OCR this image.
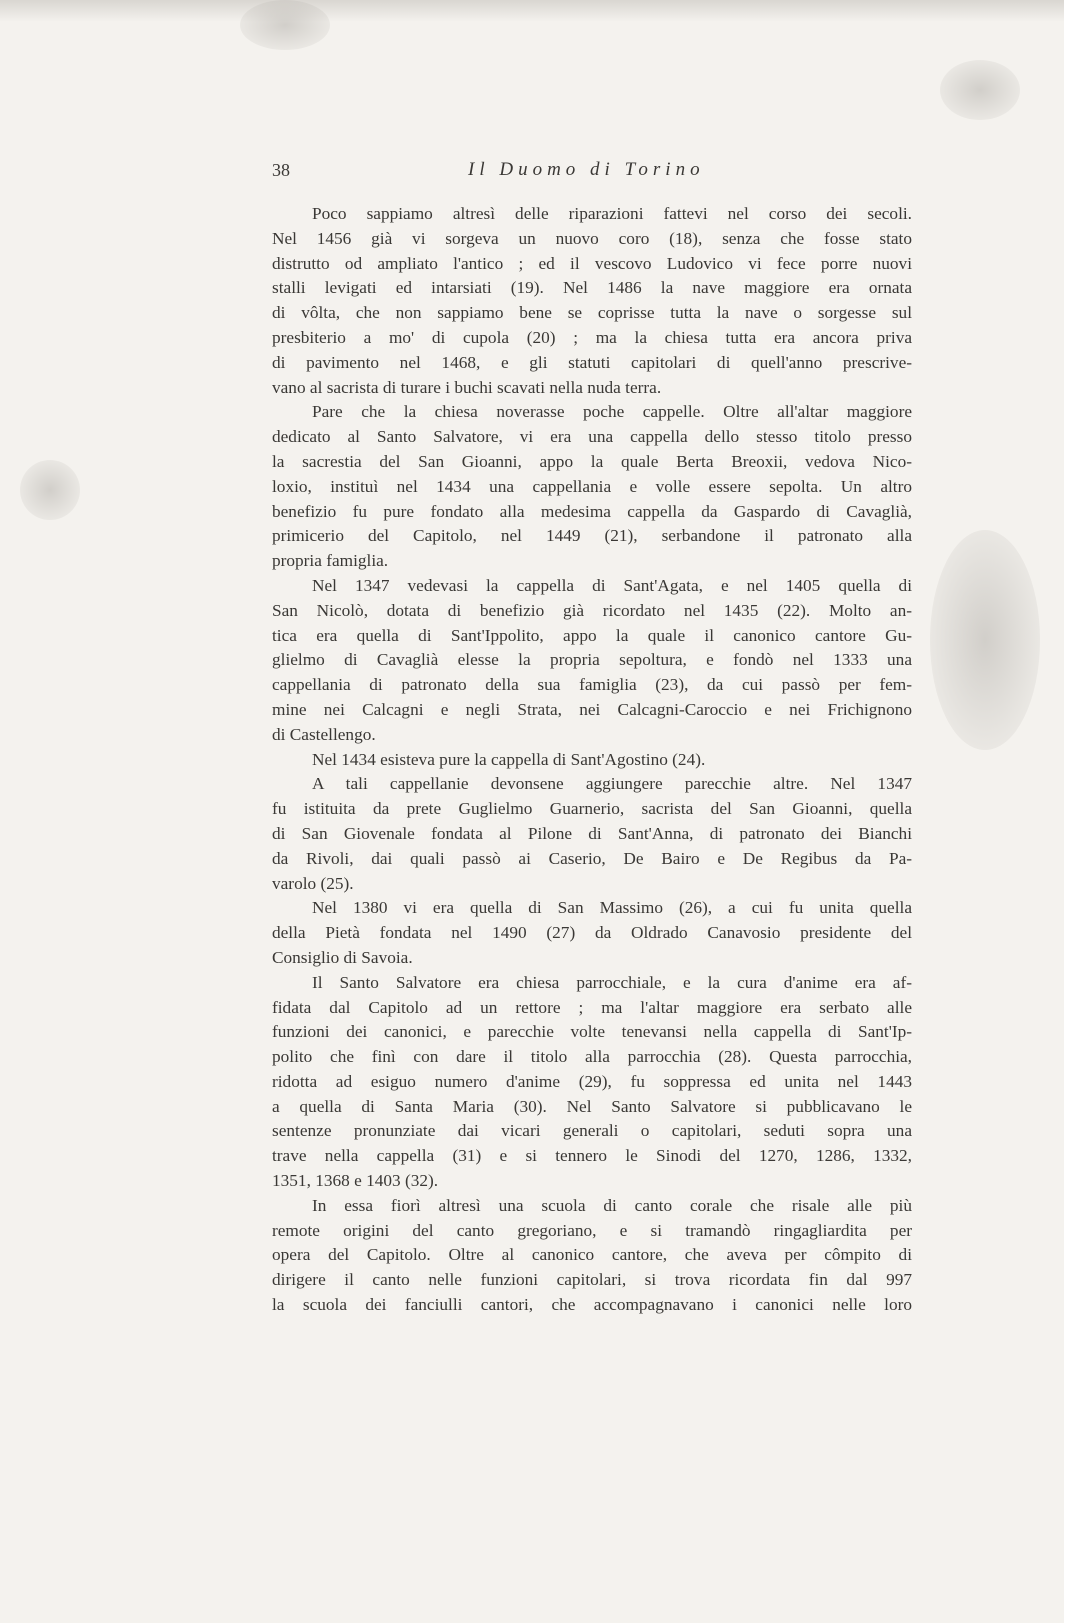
38	Il Duomo di Torino

Poco sappiamo altresì delle riparazioni fattevi nel corso dei secoli.
Nel 1456 già vi sorgeva un nuovo coro (18), senza che fosse stato
distrutto od ampliato l'antico ; ed il vescovo Ludovico vi fece porre nuovi
stalli levigati ed intarsiati (19). Nel 1486 la nave maggiore era ornata
di vôlta, che non sappiamo bene se coprisse tutta la nave o sorgesse sul
presbiterio a mo' di cupola (20) ; ma la chiesa tutta era ancora priva
di pavimento nel 1468, e gli statuti capitolari di quell'anno prescrive-
vano al sacrista di turare i buchi scavati nella nuda terra.

Pare che la chiesa noverasse poche cappelle. Oltre all'altar maggiore
dedicato al Santo Salvatore, vi era una cappella dello stesso titolo presso
la sacrestia del San Gioanni, appo la quale Berta Breoxii, vedova Nico-
loxio, instituì nel 1434 una cappellania e volle essere sepolta. Un altro
benefizio fu pure fondato alla medesima cappella da Gaspardo di Cavaglià,
primicerio del Capitolo, nel 1449 (21), serbandone il patronato alla
propria famiglia.

Nel 1347 vedevasi la cappella di Sant'Agata, e nel 1405 quella di
San Nicolò, dotata di benefizio già ricordato nel 1435 (22). Molto an-
tica era quella di Sant'Ippolito, appo la quale il canonico cantore Gu-
glielmo di Cavaglià elesse la propria sepoltura, e fondò nel 1333 una
cappellania di patronato della sua famiglia (23), da cui passò per fem-
mine nei Calcagni e negli Strata, nei Calcagni-Caroccio e nei Frichignono
di Castellengo.

Nel 1434 esisteva pure la cappella di Sant'Agostino (24).

A tali cappellanie devonsene aggiungere parecchie altre. Nel 1347
fu istituita da prete Guglielmo Guarnerio, sacrista del San Gioanni, quella
di San Giovenale fondata al Pilone di Sant'Anna, di patronato dei Bianchi
da Rivoli, dai quali passò ai Caserio, De Bairo e De Regibus da Pa-
varolo (25).

Nel 1380 vi era quella di San Massimo (26), a cui fu unita quella
della Pietà fondata nel 1490 (27) da Oldrado Canavosio presidente del
Consiglio di Savoia.

Il Santo Salvatore era chiesa parrocchiale, e la cura d'anime era af-
fidata dal Capitolo ad un rettore ; ma l'altar maggiore era serbato alle
funzioni dei canonici, e parecchie volte tenevansi nella cappella di Sant'Ip-
polito che finì con dare il titolo alla parrocchia (28). Questa parrocchia,
ridotta ad esiguo numero d'anime (29), fu soppressa ed unita nel 1443
a quella di Santa Maria (30). Nel Santo Salvatore si pubblicavano le
sentenze pronunziate dai vicari generali o capitolari, seduti sopra una
trave nella cappella (31) e si tennero le Sinodi del 1270, 1286, 1332,
1351, 1368 e 1403 (32).

In essa fiorì altresì una scuola di canto corale che risale alle più
remote origini del canto gregoriano, e si tramandò ringagliardita per
opera del Capitolo. Oltre al canonico cantore, che aveva per cômpito di
dirigere il canto nelle funzioni capitolari, si trova ricordata fin dal 997
la scuola dei fanciulli cantori, che accompagnavano i canonici nelle loro
